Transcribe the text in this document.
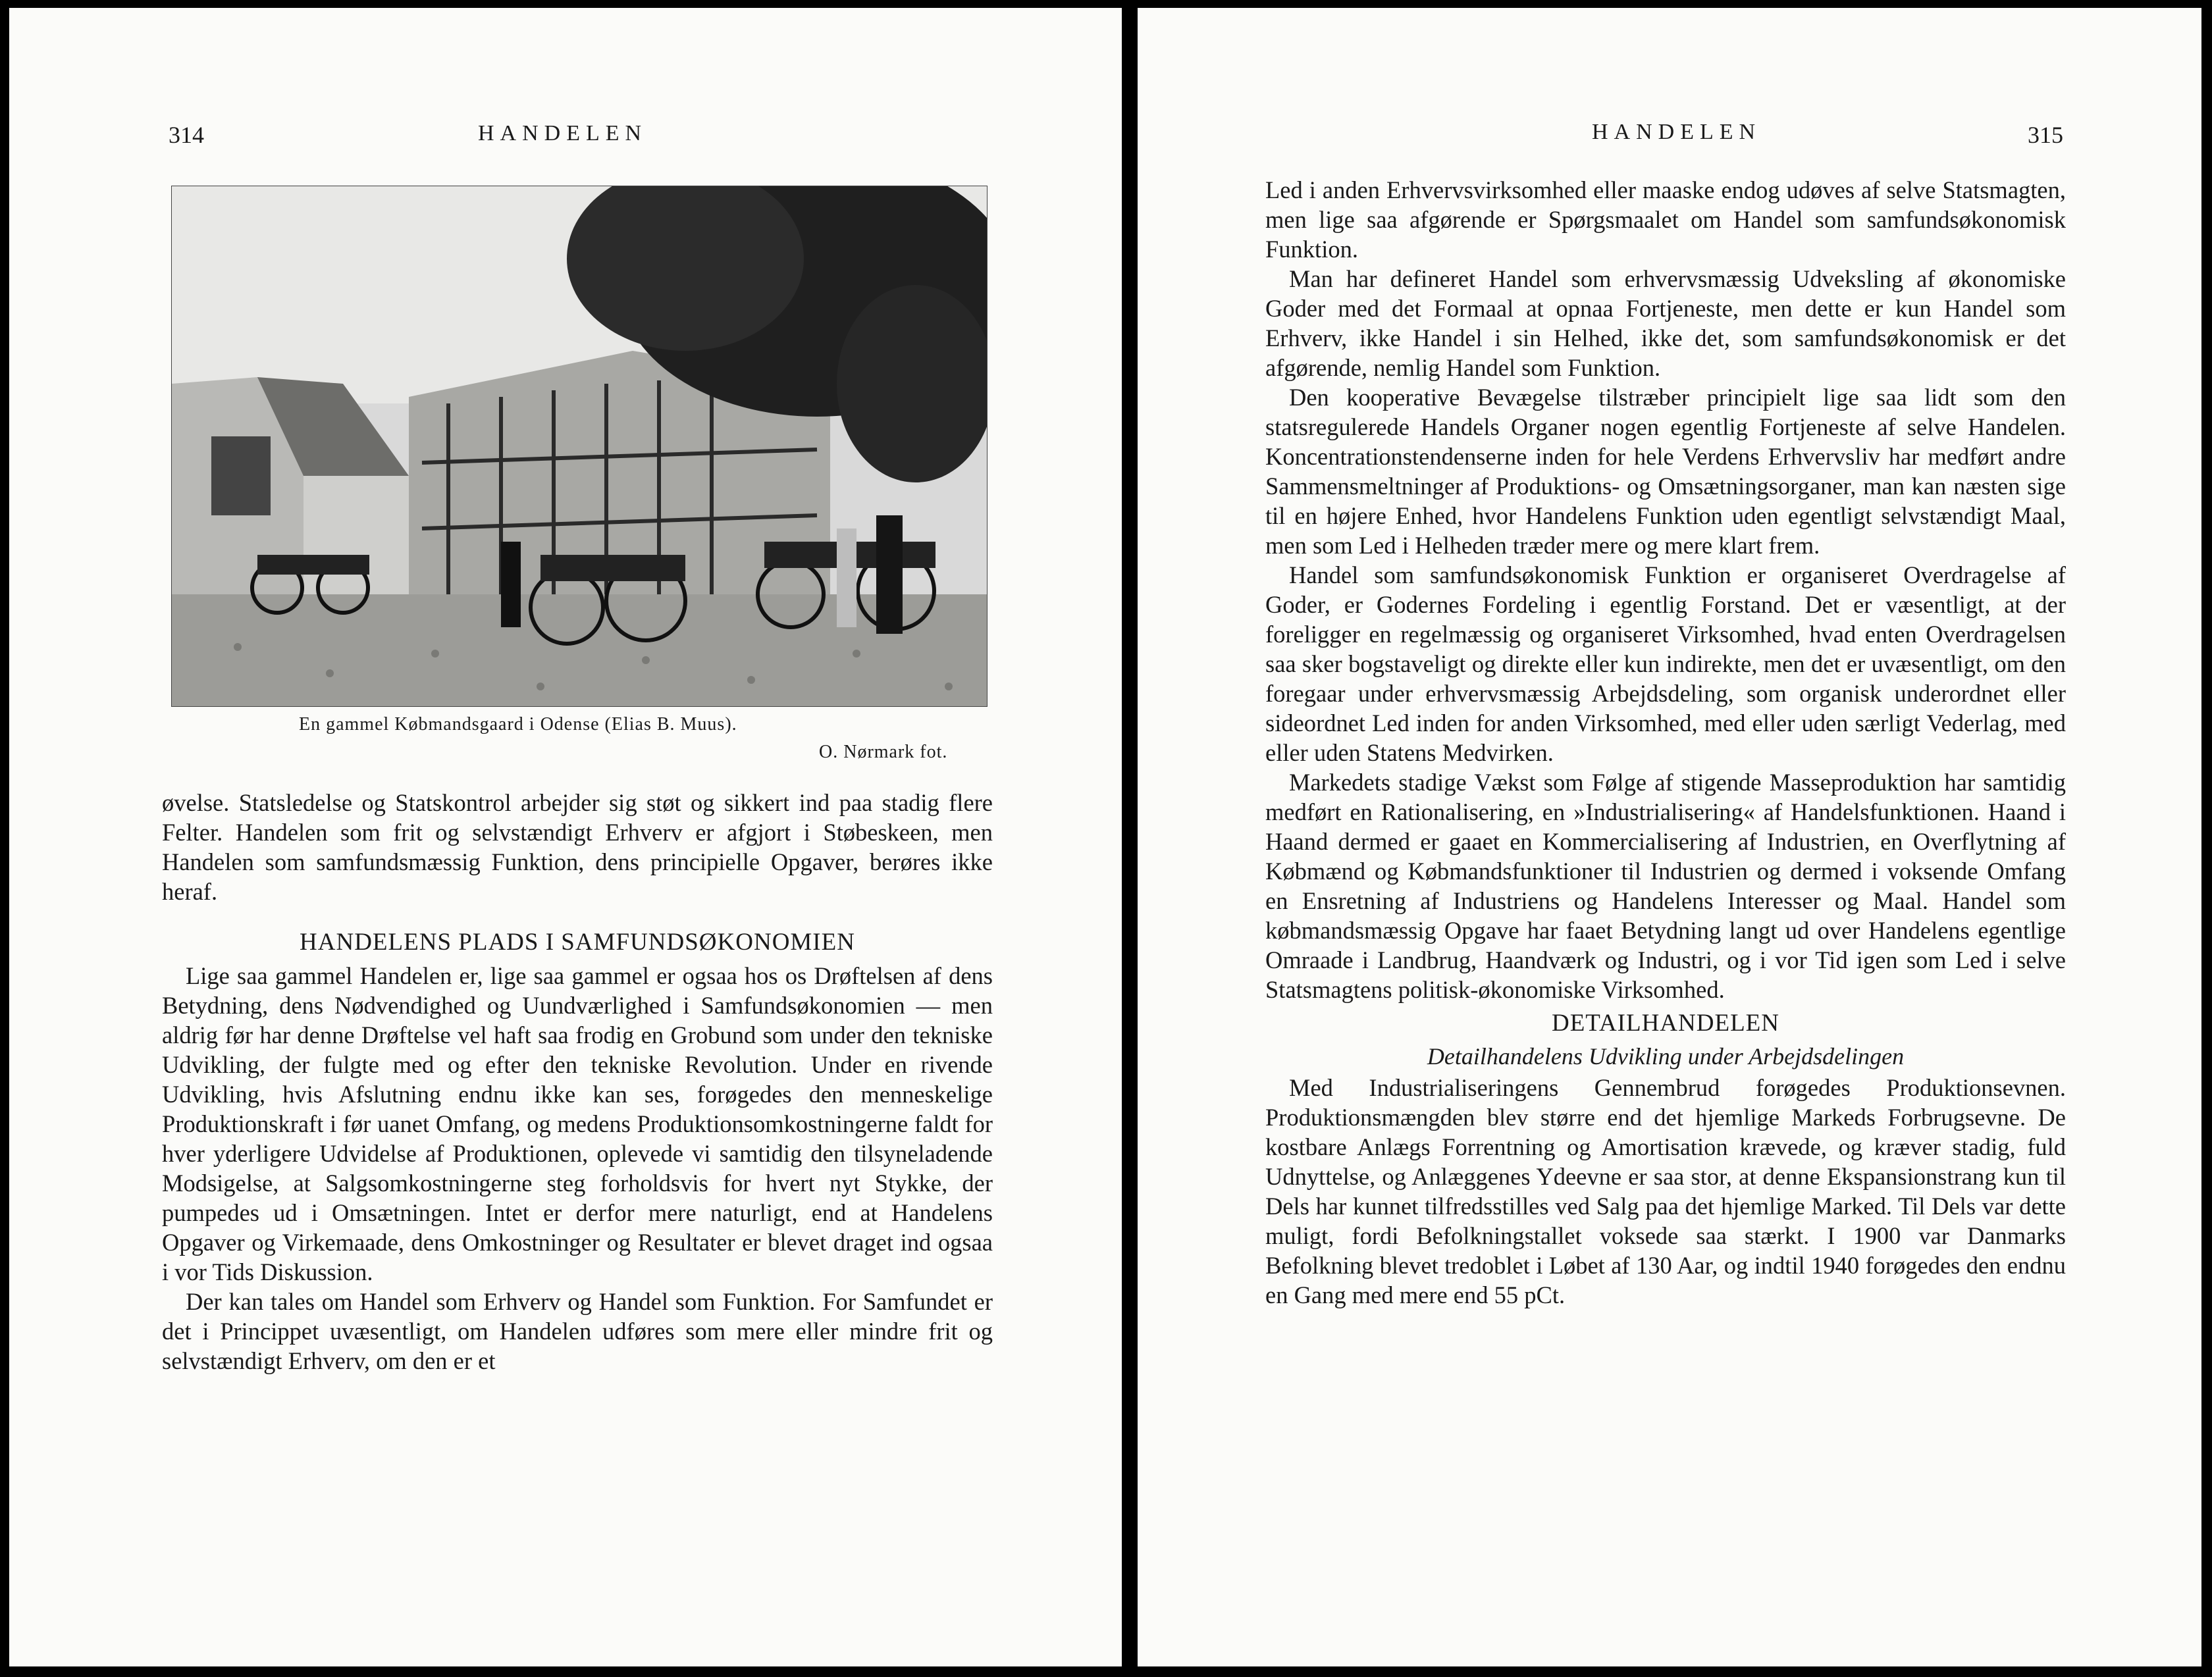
314	HANDELEN
En gammel Købmandsgaard i Odense (Elias B. Muus).
O. Nørmark fot.

øvelse. Statsledelse og Statskontrol arbejder sig støt og sikkert ind paa stadig flere Felter. Handelen som frit og selvstændigt Erhverv er afgjort i Støbeskeen, men Handelen som samfundsmæssig Funktion, dens principielle Opgaver, berøres ikke heraf.

HANDELENS PLADS I SAMFUNDSØKONOMIEN

Lige saa gammel Handelen er, lige saa gammel er ogsaa hos os Drøftelsen af dens Betydning, dens Nødvendighed og Uundværlighed i Samfundsøkonomien — men aldrig før har denne Drøftelse vel haft saa frodig en Grobund som under den tekniske Udvikling, der fulgte med og efter den tekniske Revolution. Under en rivende Udvikling, hvis Afslutning endnu ikke kan ses, forøgedes den menneskelige Produktionskraft i før uanet Omfang, og medens Produktionsomkostningerne faldt for hver yderligere Udvidelse af Produktionen, oplevede vi samtidig den tilsyneladende Modsigelse, at Salgsomkostningerne steg forholdsvis for hvert nyt Stykke, der pumpedes ud i Omsætningen. Intet er derfor mere naturligt, end at Handelens Opgaver og Virkemaade, dens Omkostninger og Resultater er blevet draget ind ogsaa i vor Tids Diskussion.

Der kan tales om Handel som Erhverv og Handel som Funktion. For Samfundet er det i Princippet uvæsentligt, om Handelen udføres som mere eller mindre frit og selvstændigt Erhverv, om den er et

HANDELEN	315

Led i anden Erhvervsvirksomhed eller maaske endog udøves af selve Statsmagten, men lige saa afgørende er Spørgsmaalet om Handel som samfundsøkonomisk Funktion.

Man har defineret Handel som erhvervsmæssig Udveksling af økonomiske Goder med det Formaal at opnaa Fortjeneste, men dette er kun Handel som Erhverv, ikke Handel i sin Helhed, ikke det, som samfundsøkonomisk er det afgørende, nemlig Handel som Funktion.

Den kooperative Bevægelse tilstræber principielt lige saa lidt som den statsregulerede Handels Organer nogen egentlig Fortjeneste af selve Handelen. Koncentrationstendenserne inden for hele Verdens Erhvervsliv har medført andre Sammensmeltninger af Produktions- og Omsætningsorganer, man kan næsten sige til en højere Enhed, hvor Handelens Funktion uden egentligt selvstændigt Maal, men som Led i Helheden træder mere og mere klart frem.

Handel som samfundsøkonomisk Funktion er organiseret Overdragelse af Goder, er Godernes Fordeling i egentlig Forstand. Det er væsentligt, at der foreligger en regelmæssig og organiseret Virksomhed, hvad enten Overdragelsen saa sker bogstaveligt og direkte eller kun indirekte, men det er uvæsentligt, om den foregaar under erhvervsmæssig Arbejdsdeling, som organisk underordnet eller sideordnet Led inden for anden Virksomhed, med eller uden særligt Vederlag, med eller uden Statens Medvirken.

Markedets stadige Vækst som Følge af stigende Masseproduktion har samtidig medført en Rationalisering, en »Industrialisering« af Handelsfunktionen. Haand i Haand dermed er gaaet en Kommercialisering af Industrien, en Overflytning af Købmænd og Købmandsfunktioner til Industrien og dermed i voksende Omfang en Ensretning af Industriens og Handelens Interesser og Maal. Handel som købmandsmæssig Opgave har faaet Betydning langt ud over Handelens egentlige Omraade i Landbrug, Haandværk og Industri, og i vor Tid igen som Led i selve Statsmagtens politisk-økonomiske Virksomhed.

DETAILHANDELEN
Detailhandelens Udvikling under Arbejdsdelingen

Med Industrialiseringens Gennembrud forøgedes Produktionsevnen. Produktionsmængden blev større end det hjemlige Markeds Forbrugsevne. De kostbare Anlægs Forrentning og Amortisation krævede, og kræver stadig, fuld Udnyttelse, og Anlæggenes Ydeevne er saa stor, at denne Ekspansionstrang kun til Dels har kunnet tilfredsstilles ved Salg paa det hjemlige Marked. Til Dels var dette muligt, fordi Befolkningstallet voksede saa stærkt. I 1900 var Danmarks Befolkning blevet tredoblet i Løbet af 130 Aar, og indtil 1940 forøgedes den endnu en Gang med mere end 55 pCt.
